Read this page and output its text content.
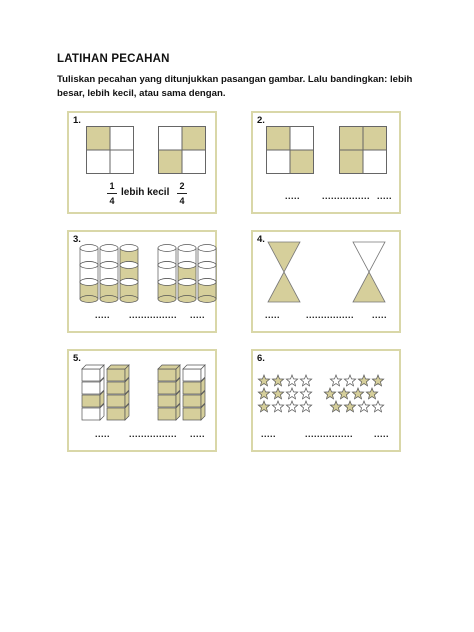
LATIHAN PECAHAN
Tuliskan pecahan yang ditunjukkan pasangan gambar. Lalu bandingkan: lebih besar, lebih kecil, atau sama dengan.
1.
1
4
lebih kecil
2
4
2.
..... ................ .....
3.
..... ................ .....
4.
.....	................ .....
5.
..... ................ .....
6.
.....	................ .....
